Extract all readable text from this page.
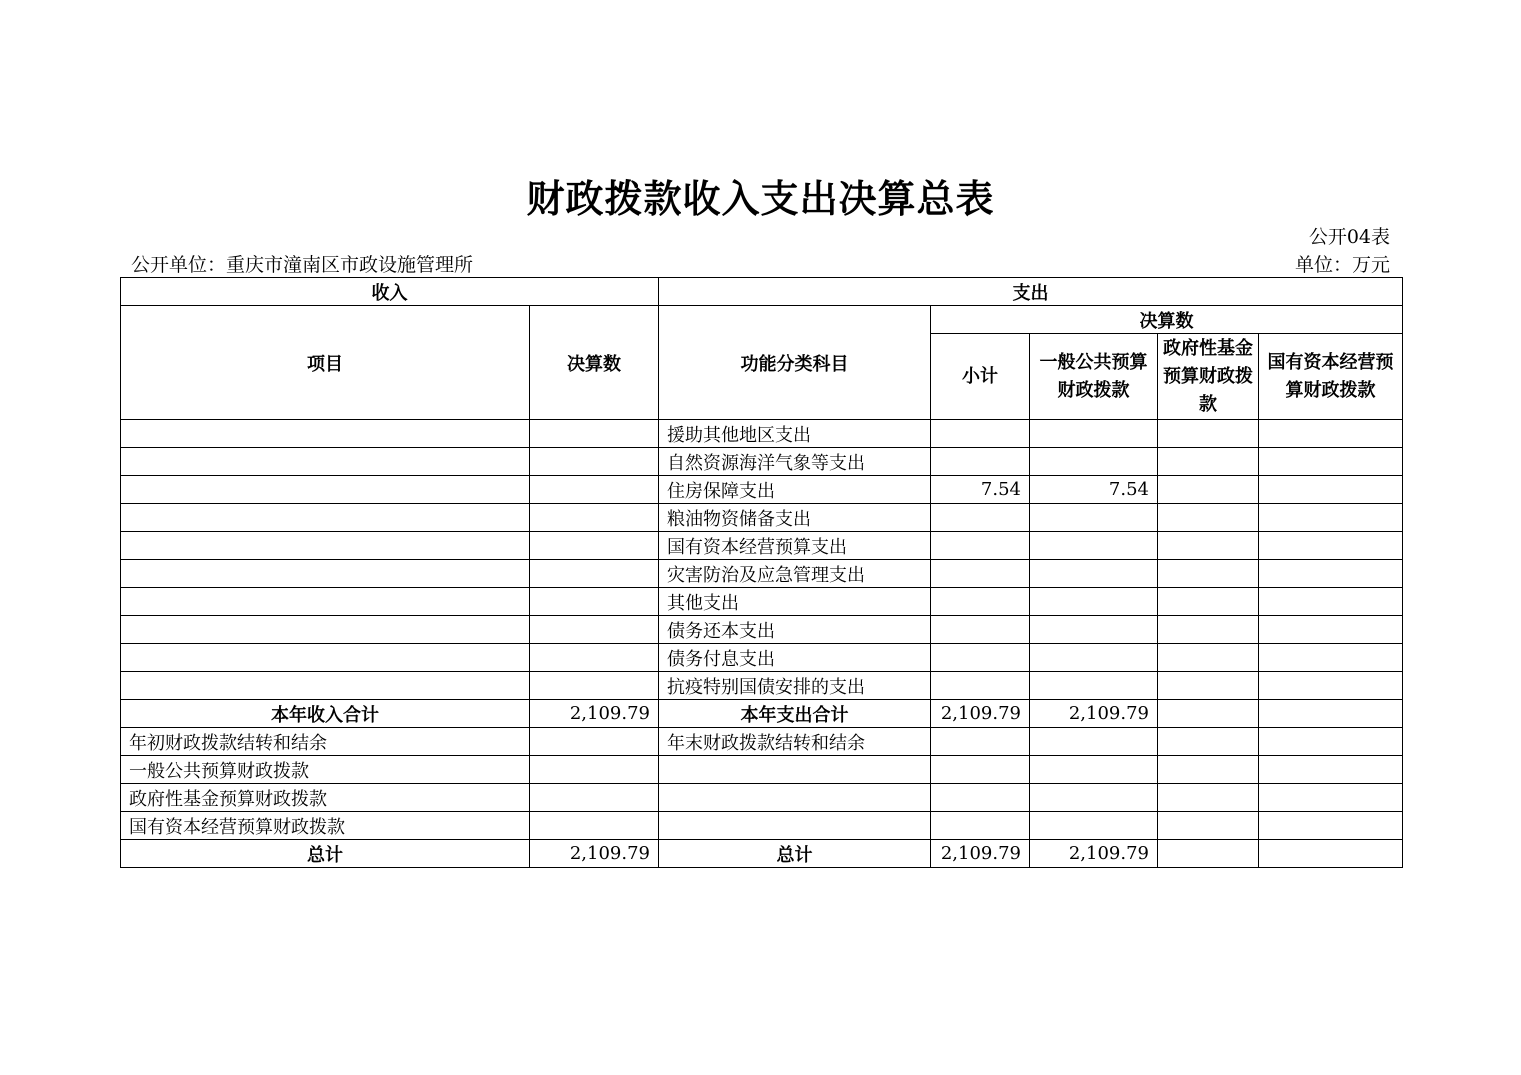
财政拨款收入支出决算总表
公开04表
公开单位：重庆市潼南区市政设施管理所	单位：万元
收入		支出				
项目	决算数	功能分类科目	决算数			
			小计	一般公共预算财政拨款	政府性基金预算财政拨款	国有资本经营预算财政拨款
		援助其他地区支出				
		自然资源海洋气象等支出				
		住房保障支出	7.54	7.54		
		粮油物资储备支出				
		国有资本经营预算支出				
		灾害防治及应急管理支出				
		其他支出				
		债务还本支出				
		债务付息支出				
		抗疫特别国债安排的支出				
本年收入合计	2,109.79	本年支出合计	2,109.79	2,109.79		
年初财政拨款结转和结余		年末财政拨款结转和结余				
一般公共预算财政拨款						
政府性基金预算财政拨款						
国有资本经营预算财政拨款						
总计	2,109.79	总计	2,109.79	2,109.79		
